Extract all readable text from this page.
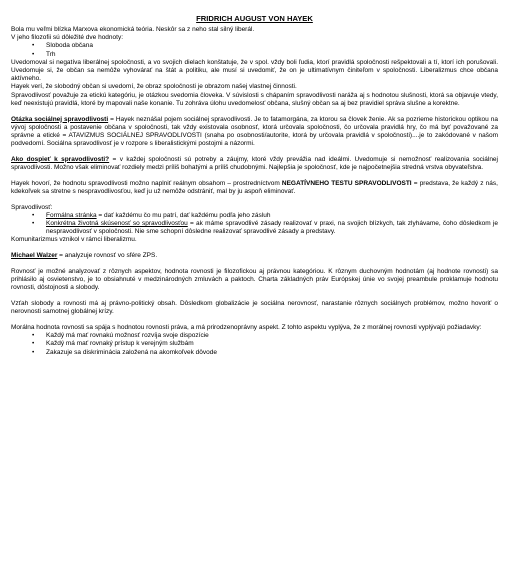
FRIDRICH AUGUST VON HAYEK

Bola mu veľmi blízka Marxova ekonomická teória. Neskôr sa z neho stal silný liberál.

V jeho filozofii sú dôležité dve hodnoty:

• Sloboda občana
• Trh

Uvedomoval si negatíva liberálnej spoločnosti, a vo svojich dielach konštatuje, že v spol. vždy boli ľudia, ktorí pravidlá spoločnosti rešpektovali a tí, ktorí ich porušovali. Uvedomuje si, že občan sa nemôže vyhovárať na štát a politiku, ale musí si uvedomiť, že on je ultimatívnym činiteľom v spoločnosti. Liberalizmus chce občana aktívneho.

Hayek verí, že slobodný občan si uvedomí, že obraz spoločnosti je obrazom našej vlastnej činnosti.

Spravodlivosť považuje za etickú kategóriu, je otázkou svedomia človeka. V súvislosti s chápaním spravodlivosti naráža aj s hodnotou slušnosti, ktorá sa objavuje vtedy, keď neexistujú pravidlá, ktoré by mapovali naše konanie. Tu zohráva úlohu uvedomelosť občana, slušný občan sa aj bez pravidiel správa slušne a korektne.

Otázka sociálnej spravodlivosti = Hayek neznášal pojem sociálnej spravodlivosti. Je to fatamorgána, za ktorou sa človek ženie. Ak sa pozrieme historickou optikou na vývoj spoločnosti a postavenie občana v spoločnosti, tak vždy existovala osobnosť, ktorá určovala spoločnosti, čo určovala pravidlá hry, čo má byť považované za správne a etické = ATAVIZMUS SOCIÁLNEJ SPRAVODLIVOSTI (snaha po osobnosti/autorite, ktorá by určovala pravidlá v spoločnosti)....je to zakódované v našom podvedomí. Sociálna spravodlivosť je v rozpore s liberalistickými postojmi a názormi.

Ako dospieť k spravodlivosti? = v každej spoločnosti sú potreby a záujmy, ktoré vždy prevážia nad ideálmi. Uvedomuje si nemožnosť realizovania sociálnej spravodlivosti. Možno však eliminovať rozdiely medzi príliš bohatými a príliš chudobnými. Najlepšia je spoločnosť, kde je najpočetnejšia stredná vrstva obyvateľstva.

Hayek hovorí, že hodnotu spravodlivosti možno naplniť reálnym obsahom – prostredníctvom NEGATÍVNEHO TESTU SPRAVODLIVOSTI = predstava, že každý z nás, kdekoľvek sa stretne s nespravodlivosťou, keď ju už nemôže odstrániť, mal by ju aspoň eliminovať.

Spravodlivosť:

• Formálna stránka = dať každému čo mu patrí, dať každému podľa jeho zásluh
• Konkrétna životná skúsenosť so spravodlivosťou = ak máme spravodlivé zásady realizovať v praxi, na svojich blízkych, tak zlyhávame, čoho dôsledkom je nespravodlivosť v spoločnosti. Nie sme schopní dôsledne realizovať spravodlivé zásady a predstavy.

Komunitarizmus vznikol v rámci liberalizmu.

Michael Walzer = analyzuje rovnosť vo sfére ZPS.

Rovnosť je možné analyzovať z rôznych aspektov, hodnota rovnosti je filozofickou aj právnou kategóriou. K rôznym duchovným hodnotám (aj hodnote rovnosti) sa prihlásilo aj osvietenstvo, je to obsiahnuté v medzinárodných zmluvách a paktoch. Charta základných práv Európskej únie vo svojej preambule proklamuje hodnotu rovnosti, dôstojnosti a slobody.

Vzťah slobody a rovnosti má aj právno-politický obsah. Dôsledkom globalizácie je sociálna nerovnosť, narastanie rôznych sociálnych problémov, možno hovoriť o nerovnosti samotnej globálnej krízy.

Morálna hodnota rovnosti sa spája s hodnotou rovnosti práva, a má prirodzenoprávny aspekt. Z tohto aspektu vyplýva, že z morálnej rovnosti vyplývajú požiadavky:

• Každý má mať rovnakú možnosť rozvíja svoje dispozície
• Každý má mať rovnaký prístup k verejným službám
• Zakazuje sa diskriminácia založená na akomkoľvek dôvode
